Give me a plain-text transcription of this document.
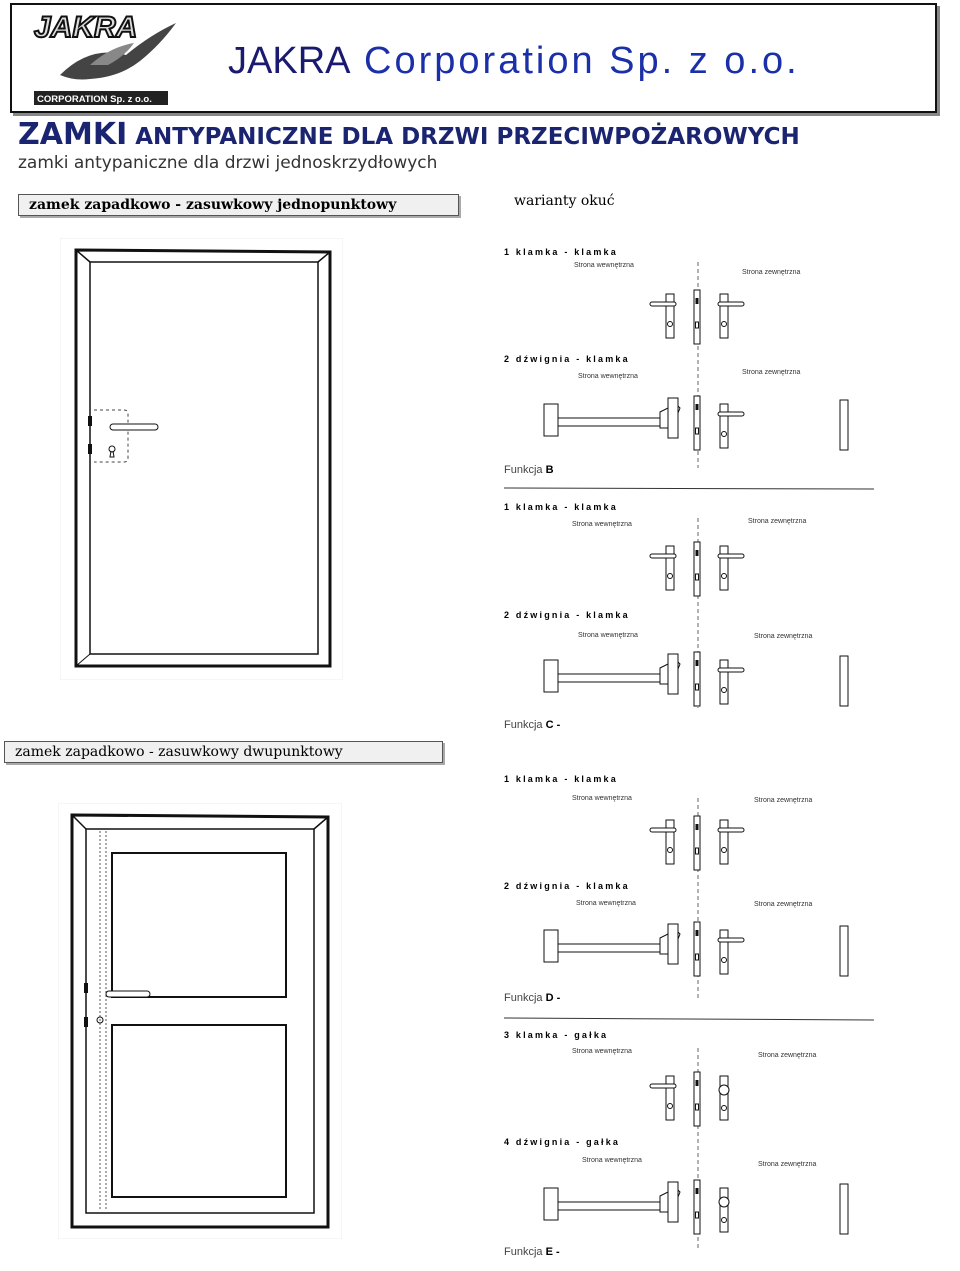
JAKRA
CORPORATION Sp. z o.o.
JAKRA Corporation Sp. z o.o.
ZAMKI ANTYPANICZNE DLA DRZWI PRZECIWPOŻAROWYCH
zamki antypaniczne dla drzwi jednoskrzydłowych
zamek zapadkowo - zasuwkowy jednopunktowy	warianty okuć
zamek zapadkowo - zasuwkowy dwupunktowy
1 klamka - klamka
Strona wewnętrzna
Strona zewnętrzna
2 dźwignia - klamka
Strona wewnętrzna
Strona zewnętrzna
Funkcja B
1 klamka - klamka
Strona wewnętrzna	Strona zewnętrzna
2 dźwignia - klamka
Strona wewnętrzna	Strona zewnętrzna
Funkcja C -
1 klamka - klamka
Strona wewnętrzna	Strona zewnętrzna
2 dźwignia - klamka
Strona wewnętrzna	Strona zewnętrzna
Funkcja D -
3 klamka - gałka
Strona wewnętrzna
Strona zewnętrzna
4 dźwignia - gałka
Strona wewnętrzna
Strona zewnętrzna
Funkcja E -
